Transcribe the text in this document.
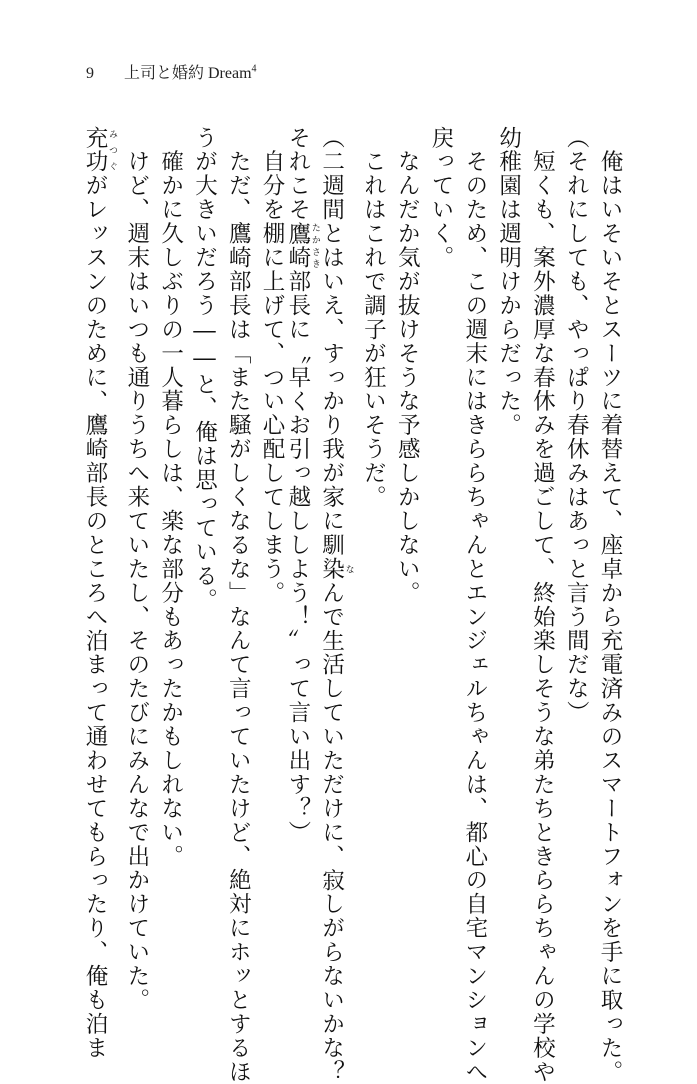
9 上司と婚約 Dream$^4$
　俺はいそいそとスーツに着替えて、座卓から充電済みのスマートフォンを手に取った。
（それにしても、やっぱり春休みはあっと言う間だな）
　短くも、案外濃厚な春休みを過ごして、終始楽しそうな弟たちときららちゃんの学校や
幼稚園は週明けからだった。
　そのため、この週末にはきららちゃんとエンジェルちゃんは、都心の自宅マンションへ
戻っていく。
　なんだか気が抜けそうな予感しかしない。
　これはこれで調子が狂いそうだ。
（二週間とはいえ、すっかり我が家に馴染 なんで生活していただけに、寂しがらないかな？
それこそ鷹崎 たかさき部長に〝早くお引っ越ししよう！〟って言い出す？）
　自分を棚に上げて、つい心配してしまう。
　ただ、鷹崎部長は「また騒がしくなるな」なんて言っていたけど、絶対にホッとするほ
うが大きいだろう――と、俺は思っている。
　確かに久しぶりの一人暮らしは、楽な部分もあったかもしれない。
　けど、週末はいつも通りうちへ来ていたし、そのたびにみんなで出かけていた。
充功 みつぐがレッスンのために、鷹崎部長のところへ泊まって通わせてもらったり、俺も泊ま
